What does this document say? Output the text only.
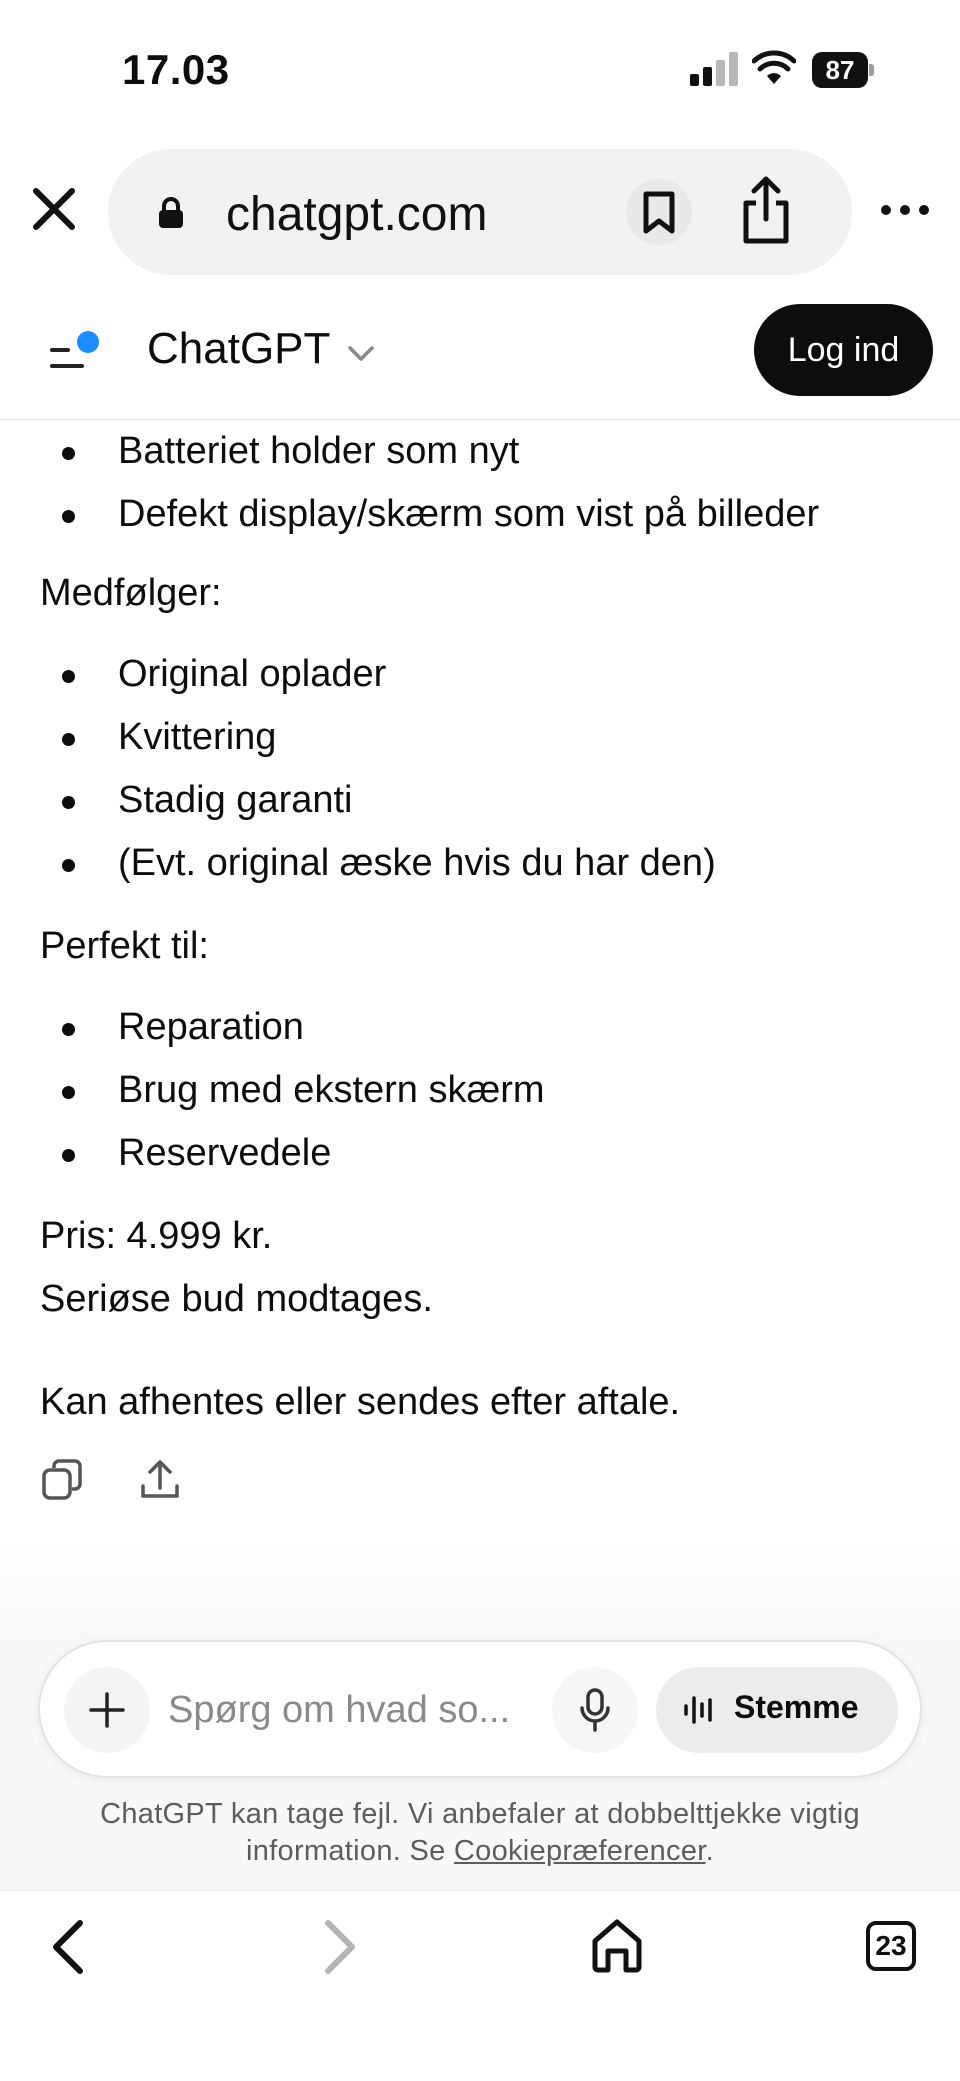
17.03	87
chatgpt.com
ChatGPT	Log ind
Batteriet holder som nyt
Defekt display/skærm som vist på billeder
Medfølger:
Original oplader
Kvittering
Stadig garanti
(Evt. original æske hvis du har den)
Perfekt til:
Reparation
Brug med ekstern skærm
Reservedele
Pris: 4.999 kr.
Seriøse bud modtages.
Kan afhentes eller sendes efter aftale.
Spørg om hvad so...
Stemme
ChatGPT kan tage fejl. Vi anbefaler at dobbelttjekke vigtig information. Se Cookiepræferencer.
23
